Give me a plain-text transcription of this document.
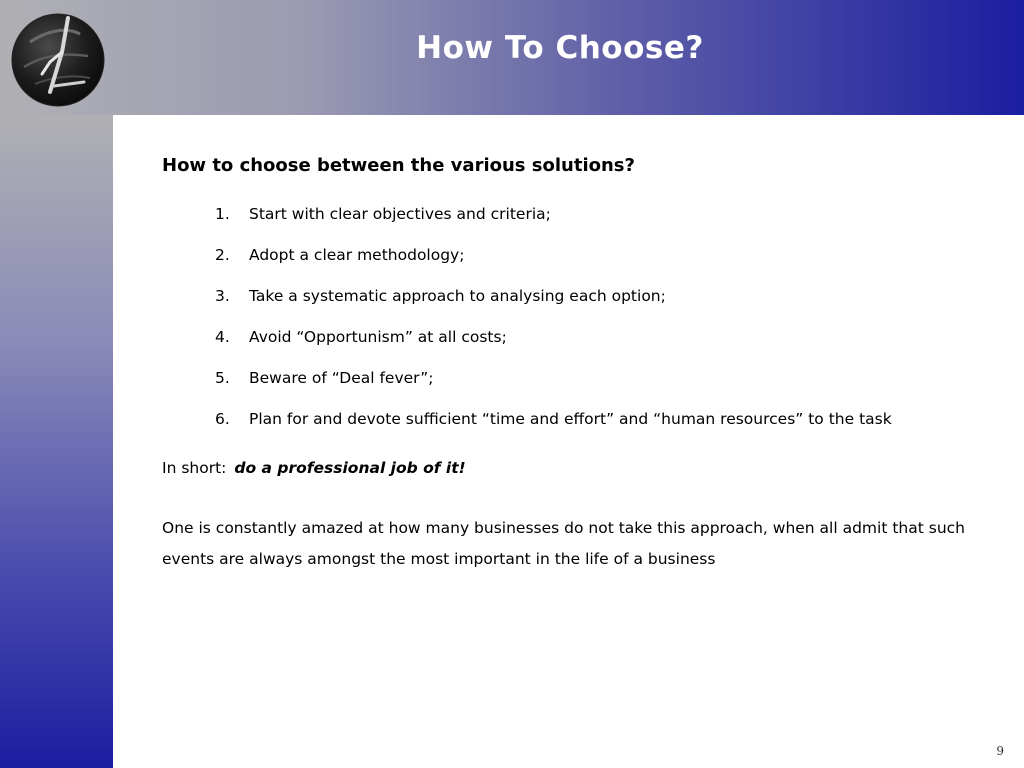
How To Choose?
How to choose between the various solutions?
1.	Start with clear objectives and criteria;
2.	Adopt a clear methodology;
3.	Take a systematic approach to analysing each option;
4.	Avoid “Opportunism” at all costs;
5.	Beware of “Deal fever”;
6.	Plan for and devote sufficient “time and effort” and “human resources” to the task
In short: do a professional job of it!
One is constantly amazed at how many businesses do not take this approach, when all admit that such events are always amongst the most important in the life of a business
9
